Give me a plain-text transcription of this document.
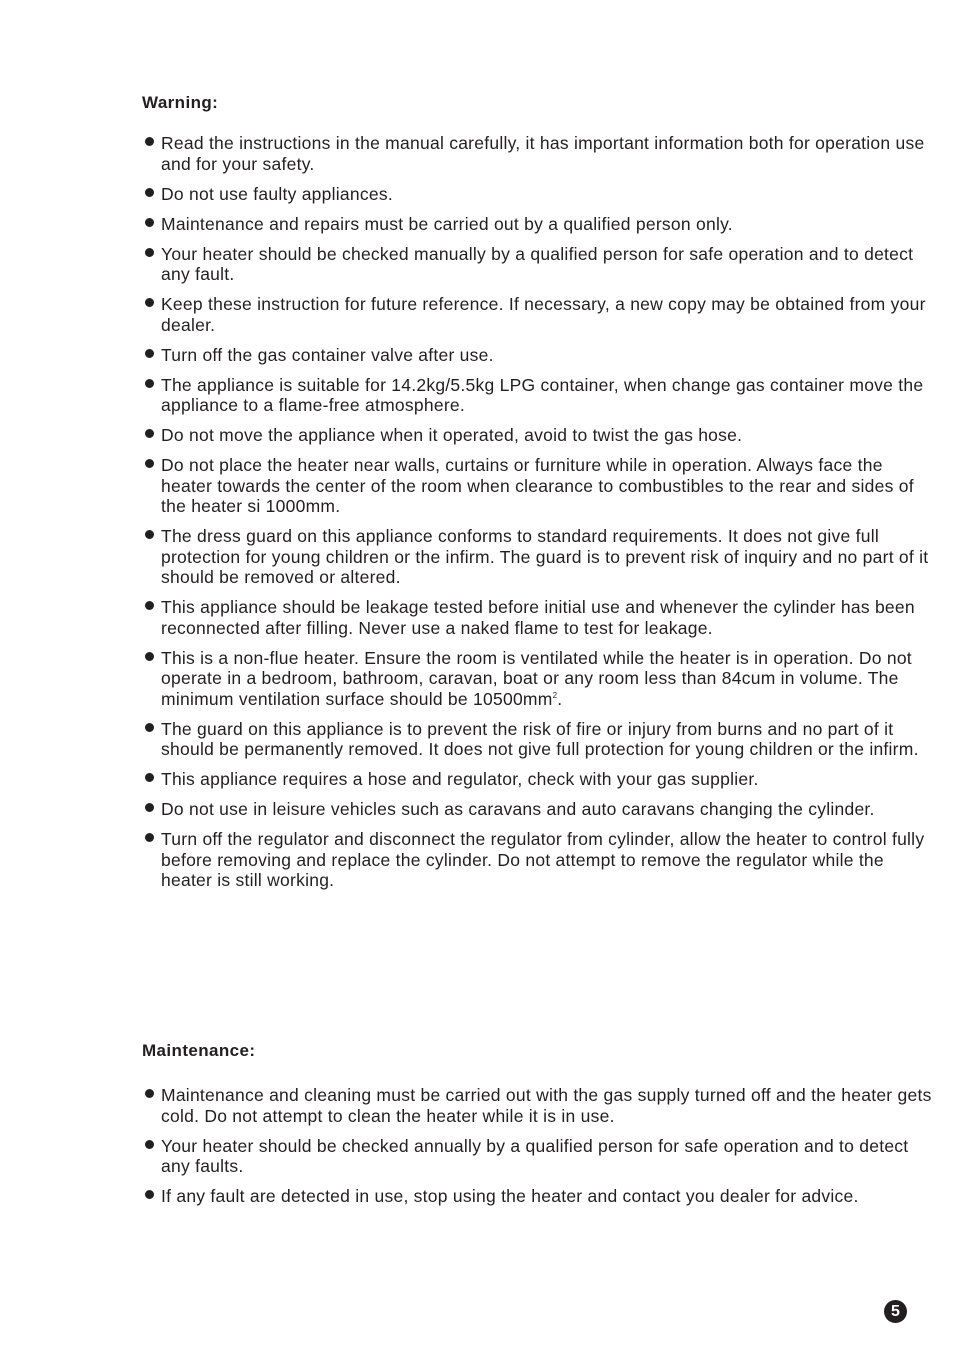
Warning:
Read the instructions in the manual carefully, it has important information both for operation use and for your safety.
Do not use faulty appliances.
Maintenance and repairs must be carried out by a qualified person only.
Your heater should be checked manually by a qualified person for safe operation and to detect any fault.
Keep these instruction for future reference. If necessary, a new copy may be obtained from your dealer.
Turn off the gas container valve after use.
The appliance is suitable for 14.2kg/5.5kg LPG container, when change gas container move the appliance to a flame-free atmosphere.
Do not move the appliance when it operated, avoid to twist the gas hose.
Do not place the heater near walls, curtains or furniture while in operation. Always face the heater towards the center of the room when clearance to combustibles to the rear and sides of the heater si 1000mm.
The dress guard on this appliance conforms to standard requirements. It does not give full protection for young children or the infirm. The guard is to prevent risk of inquiry and no part of it should be removed or altered.
This appliance should be leakage tested before initial use and whenever the cylinder has been reconnected after filling. Never use a naked flame to test for leakage.
This is a non-flue heater. Ensure the room is ventilated while the heater is in operation. Do not operate in a bedroom, bathroom, caravan, boat or any room less than 84cum in volume. The minimum ventilation surface should be $10500mm^2$.
The guard on this appliance is to prevent the risk of fire or injury from burns and no part of it should be permanently removed. It does not give full protection for young children or the infirm.
This appliance requires a hose and regulator, check with your gas supplier.
Do not use in leisure vehicles such as caravans and auto caravans changing the cylinder.
Turn off the regulator and disconnect the regulator from cylinder, allow the heater to control fully before removing and replace the cylinder. Do not attempt to remove the regulator while the heater is still working.
Maintenance:
Maintenance and cleaning must be carried out with the gas supply turned off and the heater gets cold. Do not attempt to clean the heater while it is in use.
Your heater should be checked annually by a qualified person for safe operation and to detect any faults.
If any fault are detected in use, stop using the heater and contact you dealer for advice.
5
